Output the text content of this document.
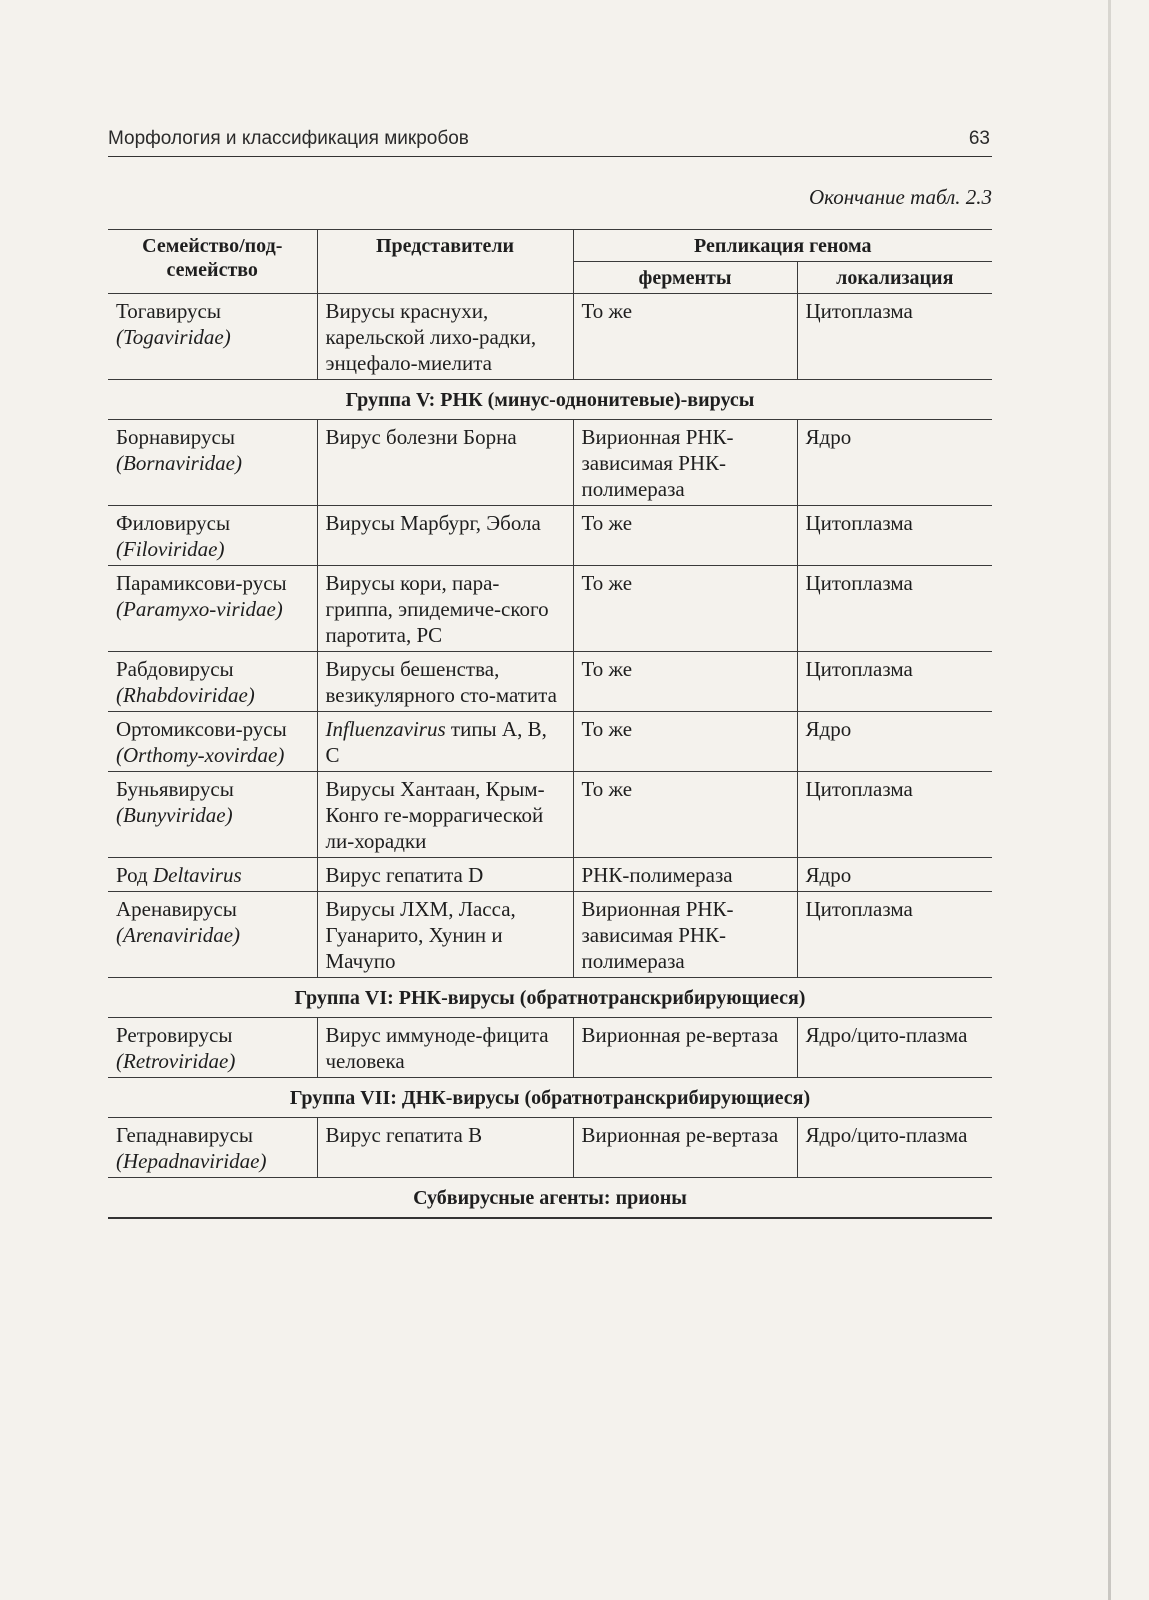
Морфология и классификация микробов	63
Окончание табл. 2.3
Семейство/под-семейство	Представители	Репликация генома	
		ферменты	локализация
Тогавирусы (Togaviridae)	Вирусы краснухи, карельской лихо-радки, энцефало-миелита	То же	Цитоплазма
Группа V: РНК (минус-однонитевые)-вирусы			
Борнавирусы (Bornaviridae)	Вирус болезни Борна	Вирионная РНК-зависимая РНК-полимераза	Ядро
Филовирусы (Filoviridae)	Вирусы Марбург, Эбола	То же	Цитоплазма
Парамиксови-русы (Paramyxo-viridae)	Вирусы кори, пара-гриппа, эпидемиче-ского паротита, PC	То же	Цитоплазма
Рабдовирусы (Rhabdoviridae)	Вирусы бешенства, везикулярного сто-матита	То же	Цитоплазма
Ортомиксови-русы (Orthomy-xovirdae)	Influenzavirus типы A, B, C	То же	Ядро
Буньявирусы (Bunyviridae)	Вирусы Хантаан, Крым-Конго ге-моррагической ли-хорадки	То же	Цитоплазма
Род Deltavirus	Вирус гепатита D	РНК-полимераза	Ядро
Аренавирусы (Arenaviridae)	Вирусы ЛХМ, Ласса, Гуанарито, Хунин и Мачупо	Вирионная РНК-зависимая РНК-полимераза	Цитоплазма
Группа VI: РНК-вирусы (обратнотранскрибирующиеся)			
Ретровирусы (Retroviridae)	Вирус иммуноде-фицита человека	Вирионная ре-вертаза	Ядро/цито-плазма
Группа VII: ДНК-вирусы (обратнотранскрибирующиеся)			
Гепаднавирусы (Hepadnaviridae)	Вирус гепатита B	Вирионная ре-вертаза	Ядро/цито-плазма
Субвирусные агенты: прионы			
